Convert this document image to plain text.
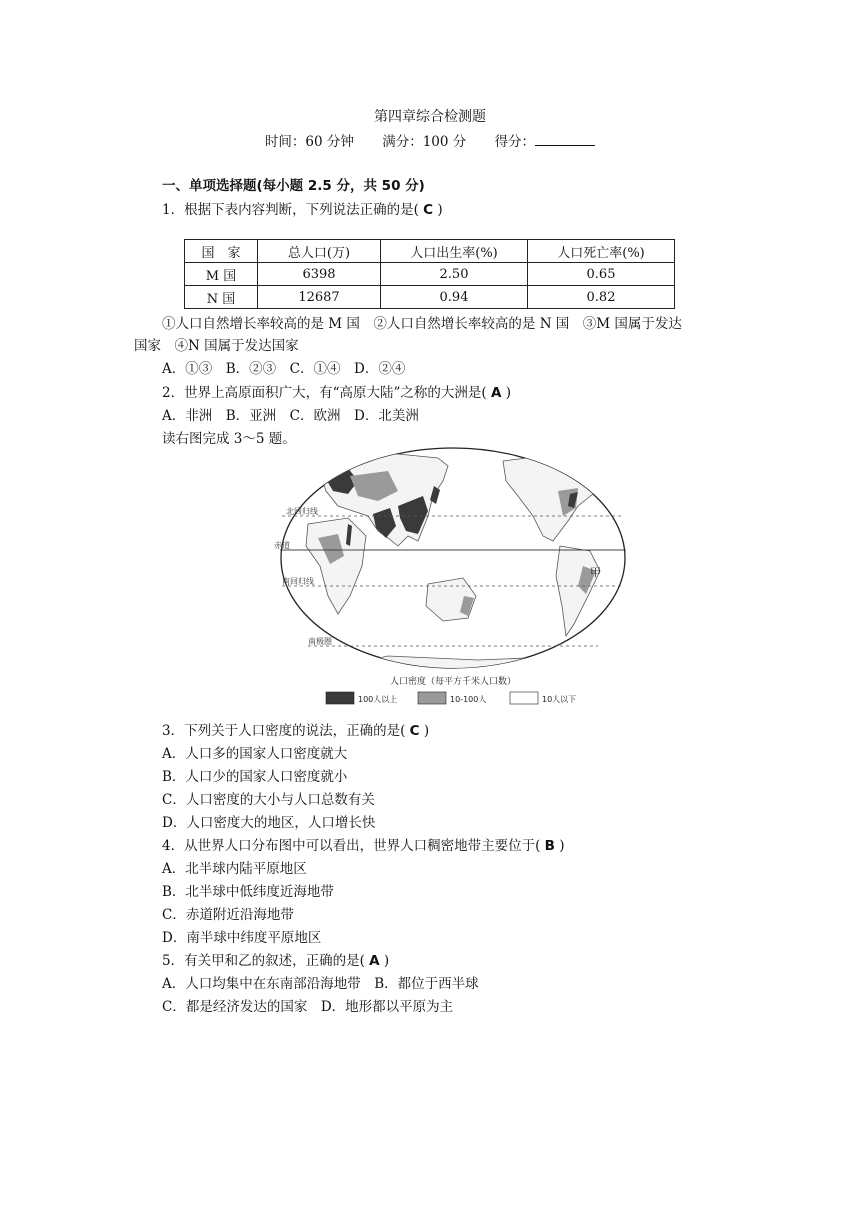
第四章综合检测题
时间：60 分钟 满分：100 分 得分：
一、单项选择题(每小题 2.5 分，共 50 分)
1．根据下表内容判断，下列说法正确的是( C )
国　家	总人口(万)	人口出生率(%)	人口死亡率(%)
M 国	6398	2.50	0.65
N 国	12687	0.94	0.82
①人口自然增长率较高的是 M 国　②人口自然增长率较高的是 N 国　③M 国属于发达
国家　④N 国属于发达国家
A．①③　B．②③　C．①④　D．②④
2．世界上高原面积广大，有“高原大陆”之称的大洲是( A )
A．非洲　B．亚洲　C．欧洲　D．北美洲
读右图完成 3～5 题。
北回归线
赤道
南回归线
南极圈
甲
人口密度（每平方千米人口数）
100人以上	10-100人	10人以下
3．下列关于人口密度的说法，正确的是( C )
A．人口多的国家人口密度就大
B．人口少的国家人口密度就小
C．人口密度的大小与人口总数有关
D．人口密度大的地区，人口增长快
4．从世界人口分布图中可以看出，世界人口稠密地带主要位于( B )
A．北半球内陆平原地区
B．北半球中低纬度近海地带
C．赤道附近沿海地带
D．南半球中纬度平原地区
5．有关甲和乙的叙述，正确的是( A )
A．人口均集中在东南部沿海地带　B．都位于西半球
C．都是经济发达的国家　D．地形都以平原为主
